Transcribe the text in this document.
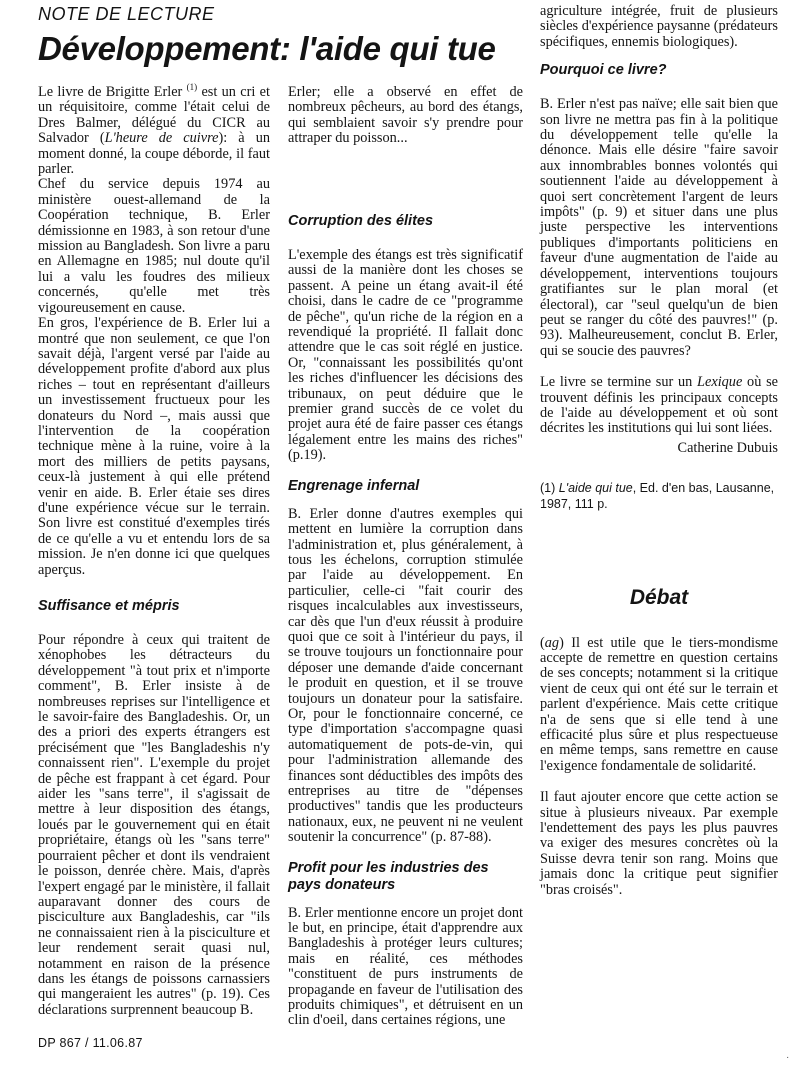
NOTE DE LECTURE
Développement: l'aide qui tue

Le livre de Brigitte Erler $^{(1)}$ est un cri et un réquisitoire, comme l'était celui de Dres Balmer, délégué du CICR au Salvador (L'heure de cuivre): à un moment donné, la coupe déborde, il faut parler.

Chef du service depuis 1974 au ministère ouest-allemand de la Coopération technique, B. Erler démissionne en 1983, à son retour d'une mission au Bangladesh. Son livre a paru en Allemagne en 1985; nul doute qu'il lui a valu les foudres des milieux concernés, qu'elle met très vigoureusement en cause.

En gros, l'expérience de B. Erler lui a montré que non seulement, ce que l'on savait déjà, l'argent versé par l'aide au développement profite d'abord aux plus riches – tout en représentant d'ailleurs un investissement fructueux pour les donateurs du Nord –, mais aussi que l'intervention de la coopération technique mène à la ruine, voire à la mort des milliers de petits paysans, ceux-là justement à qui elle prétend venir en aide. B. Erler étaie ses dires d'une expérience vécue sur le terrain. Son livre est constitué d'exemples tirés de ce qu'elle a vu et entendu lors de sa mission. Je n'en donne ici que quelques aperçus.

Suffisance et mépris

Pour répondre à ceux qui traitent de xénophobes les détracteurs du développement "à tout prix et n'importe comment", B. Erler insiste à de nombreuses reprises sur l'intelligence et le savoir-faire des Bangladeshis. Or, un des a priori des experts étrangers est précisément que "les Bangladeshis n'y connaissent rien". L'exemple du projet de pêche est frappant à cet égard. Pour aider les "sans terre", il s'agissait de mettre à leur disposition des étangs, loués par le gouvernement qui en était propriétaire, étangs où les "sans terre" pourraient pêcher et dont ils vendraient le poisson, denrée chère. Mais, d'après l'expert engagé par le ministère, il fallait auparavant donner des cours de pisciculture aux Bangladeshis, car "ils ne connaissaient rien à la pisciculture et leur rendement serait quasi nul, notamment en raison de la présence dans les étangs de poissons carnassiers qui mangeraient les autres" (p. 19). Ces déclarations surprennent beaucoup B.

Erler; elle a observé en effet de nombreux pêcheurs, au bord des étangs, qui semblaient savoir s'y prendre pour attraper du poisson...

Corruption des élites

L'exemple des étangs est très significatif aussi de la manière dont les choses se passent. A peine un étang avait-il été choisi, dans le cadre de ce "programme de pêche", qu'un riche de la région en a revendiqué la propriété. Il fallait donc attendre que le cas soit réglé en justice. Or, "connaissant les possibilités qu'ont les riches d'influencer les décisions des tribunaux, on peut déduire que le premier grand succès de ce volet du projet aura été de faire passer ces étangs légalement entre les mains des riches" (p.19).

Engrenage infernal

B. Erler donne d'autres exemples qui mettent en lumière la corruption dans l'administration et, plus généralement, à tous les échelons, corruption stimulée par l'aide au développement. En particulier, celle-ci "fait courir des risques incalculables aux investisseurs, car dès que l'un d'eux réussit à produire quoi que ce soit à l'intérieur du pays, il se trouve toujours un fonctionnaire pour déposer une demande d'aide concernant le produit en question, et il se trouve toujours un donateur pour la satisfaire. Or, pour le fonctionnaire concerné, ce type d'importation s'accompagne quasi automatiquement de pots-de-vin, qui pour l'administration allemande des finances sont déductibles des impôts des entreprises au titre de "dépenses productives" tandis que les producteurs nationaux, eux, ne peuvent ni ne veulent soutenir la concurrence" (p. 87-88).

Profit pour les industries des pays donateurs

B. Erler mentionne encore un projet dont le but, en principe, était d'apprendre aux Bangladeshis à protéger leurs cultures; mais en réalité, ces méthodes "constituent de purs instruments de propagande en faveur de l'utilisation des produits chimiques", et détruisent en un clin d'oeil, dans certaines régions, une

agriculture intégrée, fruit de plusieurs siècles d'expérience paysanne (prédateurs spécifiques, ennemis biologiques).

Pourquoi ce livre?

B. Erler n'est pas naïve; elle sait bien que son livre ne mettra pas fin à la politique du développement telle qu'elle la dénonce. Mais elle désire "faire savoir aux innombrables bonnes volontés qui soutiennent l'aide au développement à quoi sert concrètement l'argent de leurs impôts" (p. 9) et situer dans une plus juste perspective les interventions publiques d'importants politiciens en faveur d'une augmentation de l'aide au développement, interventions toujours gratifiantes sur le plan moral (et électoral), car "seul quelqu'un de bien peut se ranger du côté des pauvres!" (p. 93). Malheureusement, conclut B. Erler, qui se soucie des pauvres?

Le livre se termine sur un Lexique où se trouvent définis les principaux concepts de l'aide au développement et où sont décrites les institutions qui lui sont liées.

Catherine Dubuis

(1) L'aide qui tue, Ed. d'en bas, Lausanne, 1987, 111 p.

Débat

(ag) Il est utile que le tiers-mondisme accepte de remettre en question certains de ses concepts; notamment si la critique vient de ceux qui ont été sur le terrain et parlent d'expérience. Mais cette critique n'a de sens que si elle tend à une efficacité plus sûre et plus respectueuse en même temps, sans remettre en cause l'exigence fondamentale de solidarité.

Il faut ajouter encore que cette action se situe à plusieurs niveaux. Par exemple l'endettement des pays les plus pauvres va exiger des mesures concrètes où la Suisse devra tenir son rang. Moins que jamais donc la critique peut signifier "bras croisés".

DP 867 / 11.06.87
·
